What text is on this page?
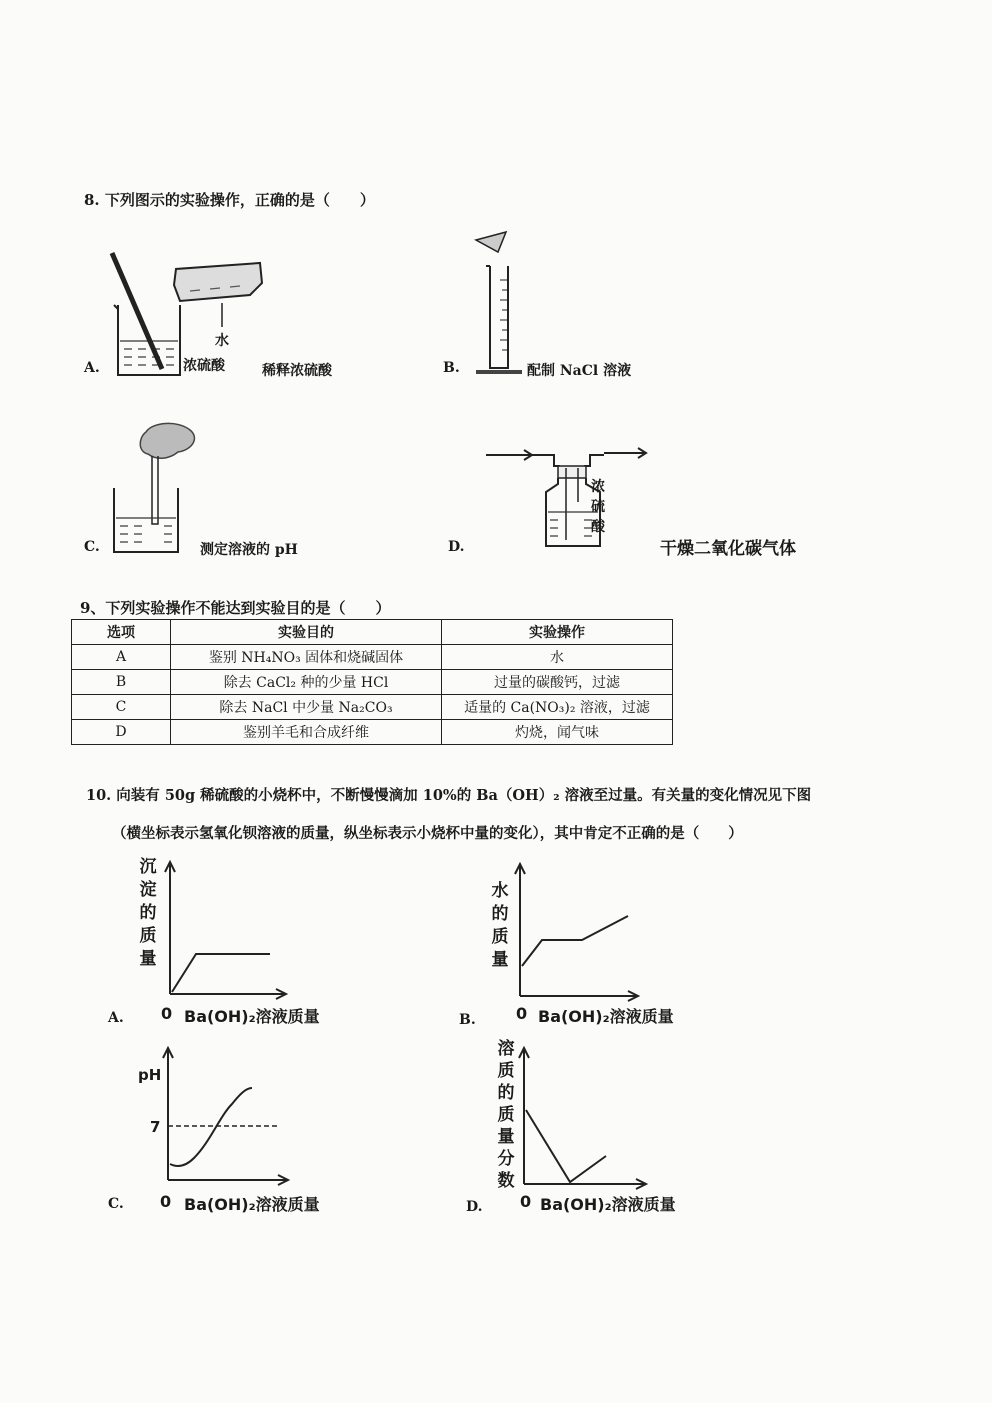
8. 下列图示的实验操作，正确的是（　　）
A.
水
浓硫酸	稀释浓硫酸	B.	配制 NaCl 溶液
C.	测定溶液的 pH	D.
浓
硫
酸
干燥二氧化碳气体
9、下列实验操作不能达到实验目的是（　　）
选项	实验目的	实验操作
A	鉴别 NH₄NO₃ 固体和烧碱固体	水
B	除去 CaCl₂ 种的少量 HCl	过量的碳酸钙，过滤
C	除去 NaCl 中少量 Na₂CO₃	适量的 Ca(NO₃)₂ 溶液，过滤
D	鉴别羊毛和合成纤维	灼烧，闻气味
10. 向装有 50g 稀硫酸的小烧杯中，不断慢慢滴加 10%的 Ba（OH）₂ 溶液至过量。有关量的变化情况见下图
（横坐标表示氢氧化钡溶液的质量，纵坐标表示小烧杯中量的变化），其中肯定不正确的是（　　）
沉
淀
的
质
量
A. 0 Ba(OH)₂溶液质量
水
的
质
量
B.	0 Ba(OH)₂溶液质量
pH
7
C. 0 Ba(OH)₂溶液质量
溶
质
的
质
量
分
数
D. 0 Ba(OH)₂溶液质量
